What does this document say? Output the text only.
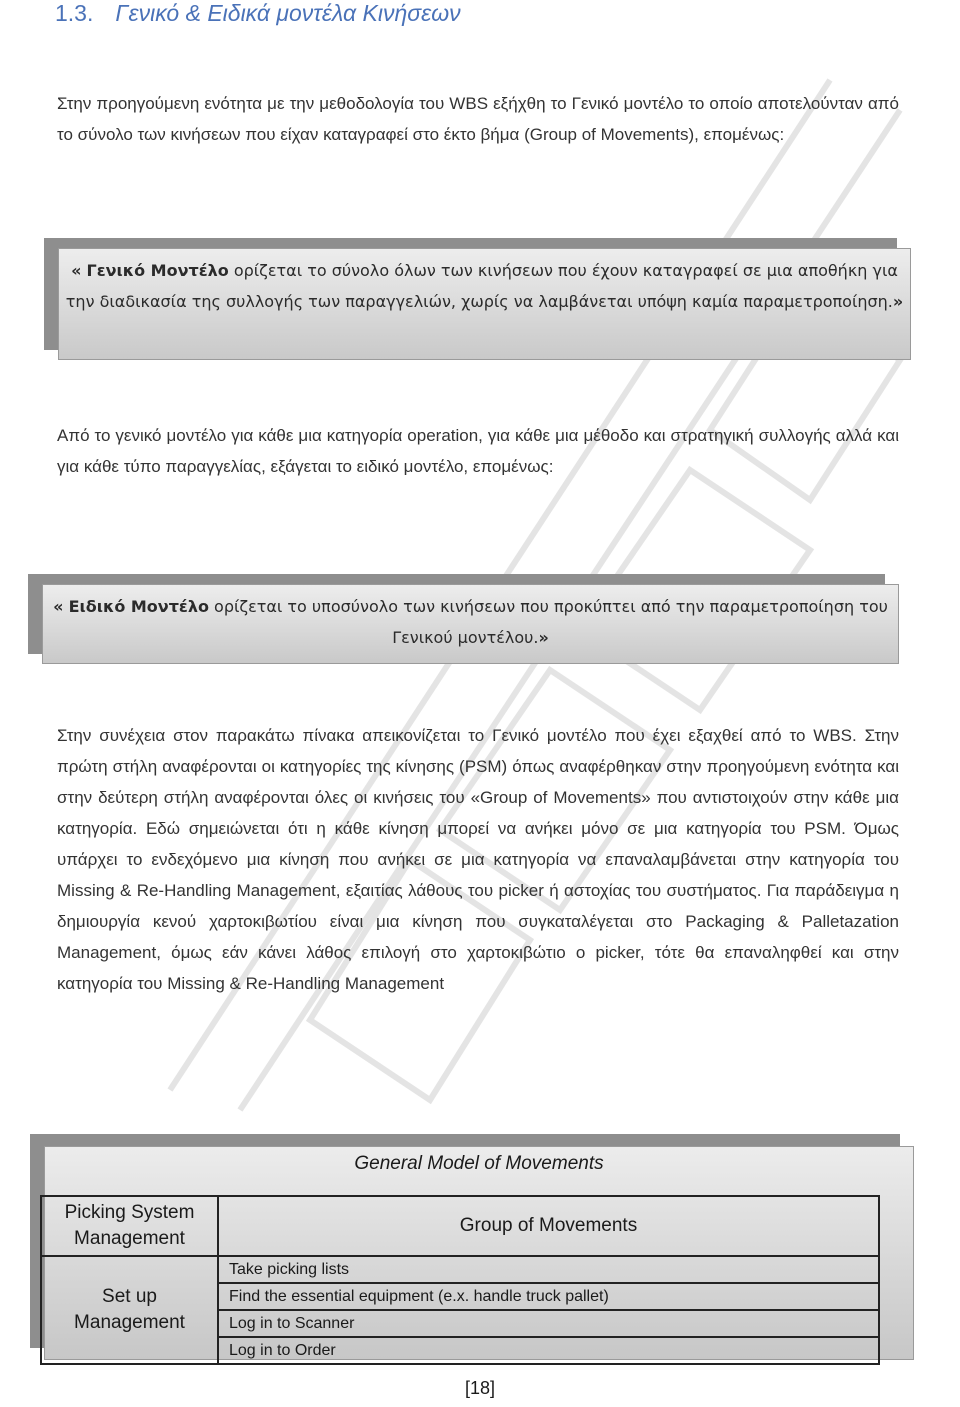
1.3. Γενικό & Ειδικά μοντέλα Κινήσεων
Στην προηγούμενη ενότητα με την μεθοδολογία του WBS εξήχθη το Γενικό μοντέλο το οποίο αποτελούνταν από το σύνολο των κινήσεων που είχαν καταγραφεί στο έκτο βήμα (Group of Movements), επομένως:
« Γενικό Μοντέλο ορίζεται το σύνολο όλων των κινήσεων που έχουν καταγραφεί σε μια αποθήκη για την διαδικασία της συλλογής των παραγγελιών, χωρίς να λαμβάνεται υπόψη καμία παραμετροποίηση.»
Από το γενικό μοντέλο για κάθε μια κατηγορία operation, για κάθε μια μέθοδο και στρατηγική συλλογής αλλά και για κάθε τύπο παραγγελίας, εξάγεται το ειδικό μοντέλο, επομένως:
« Ειδικό Μοντέλο ορίζεται το υποσύνολο των κινήσεων που προκύπτει από την παραμετροποίηση του Γενικού μοντέλου.»
Στην συνέχεια στον παρακάτω πίνακα απεικονίζεται το Γενικό μοντέλο που έχει εξαχθεί από το WBS. Στην πρώτη στήλη αναφέρονται οι κατηγορίες της κίνησης (PSM) όπως αναφέρθηκαν στην προηγούμενη ενότητα και στην δεύτερη στήλη αναφέρονται όλες οι κινήσεις του «Group of Movements» που αντιστοιχούν στην κάθε μια κατηγορία. Εδώ σημειώνεται ότι η κάθε κίνηση μπορεί να ανήκει μόνο σε μια κατηγορία του PSM. Όμως υπάρχει το ενδεχόμενο μια κίνηση που ανήκει σε μια κατηγορία να επαναλαμβάνεται στην κατηγορία του Missing & Re-Handling Management, εξαιτίας λάθους του picker ή αστοχίας του συστήματος. Για παράδειγμα η δημιουργία κενού χαρτοκιβωτίου είναι μια κίνηση που συγκαταλέγεται στο Packaging & Palletazation Management, όμως εάν κάνει λάθος επιλογή στο χαρτοκιβώτιο ο picker, τότε θα επαναληφθεί και στην κατηγορία του Missing & Re-Handling Management
General Model of Movements
Picking System Management	Group of Movements
Set up Management	Take picking lists
	Find the essential equipment (e.x. handle truck pallet)
	Log in to Scanner
	Log in to Order
[18]
